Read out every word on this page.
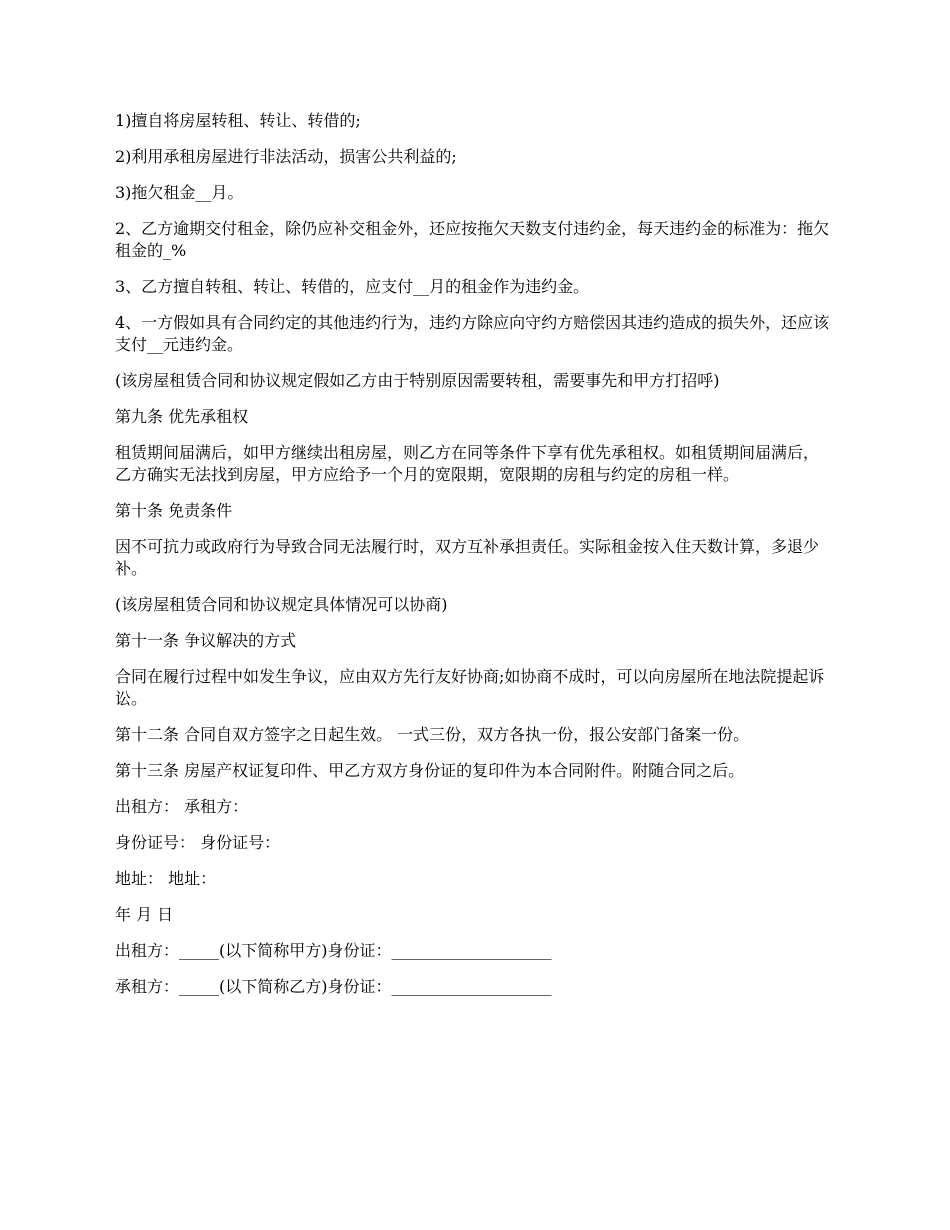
1)擅自将房屋转租、转让、转借的;

2)利用承租房屋进行非法活动，损害公共利益的;

3)拖欠租金__月。

2、乙方逾期交付租金，除仍应补交租金外，还应按拖欠天数支付违约金，每天违约金的标准为：拖欠租金的_%

3、乙方擅自转租、转让、转借的，应支付__月的租金作为违约金。

4、一方假如具有合同约定的其他违约行为，违约方除应向守约方赔偿因其违约造成的损失外，还应该支付__元违约金。

(该房屋租赁合同和协议规定假如乙方由于特别原因需要转租，需要事先和甲方打招呼)

第九条 优先承租权

租赁期间届满后，如甲方继续出租房屋，则乙方在同等条件下享有优先承租权。如租赁期间届满后，乙方确实无法找到房屋，甲方应给予一个月的宽限期，宽限期的房租与约定的房租一样。

第十条 免责条件

因不可抗力或政府行为导致合同无法履行时，双方互补承担责任。实际租金按入住天数计算，多退少补。

(该房屋租赁合同和协议规定具体情况可以协商)

第十一条 争议解决的方式

合同在履行过程中如发生争议，应由双方先行友好协商;如协商不成时，可以向房屋所在地法院提起诉讼。

第十二条 合同自双方签字之日起生效。 一式三份，双方各执一份，报公安部门备案一份。

第十三条 房屋产权证复印件、甲乙方双方身份证的复印件为本合同附件。附随合同之后。

出租方： 承租方：

身份证号： 身份证号：

地址： 地址：

年 月 日

出租方：_____(以下简称甲方)身份证：____________________

承租方：_____(以下简称乙方)身份证：____________________
